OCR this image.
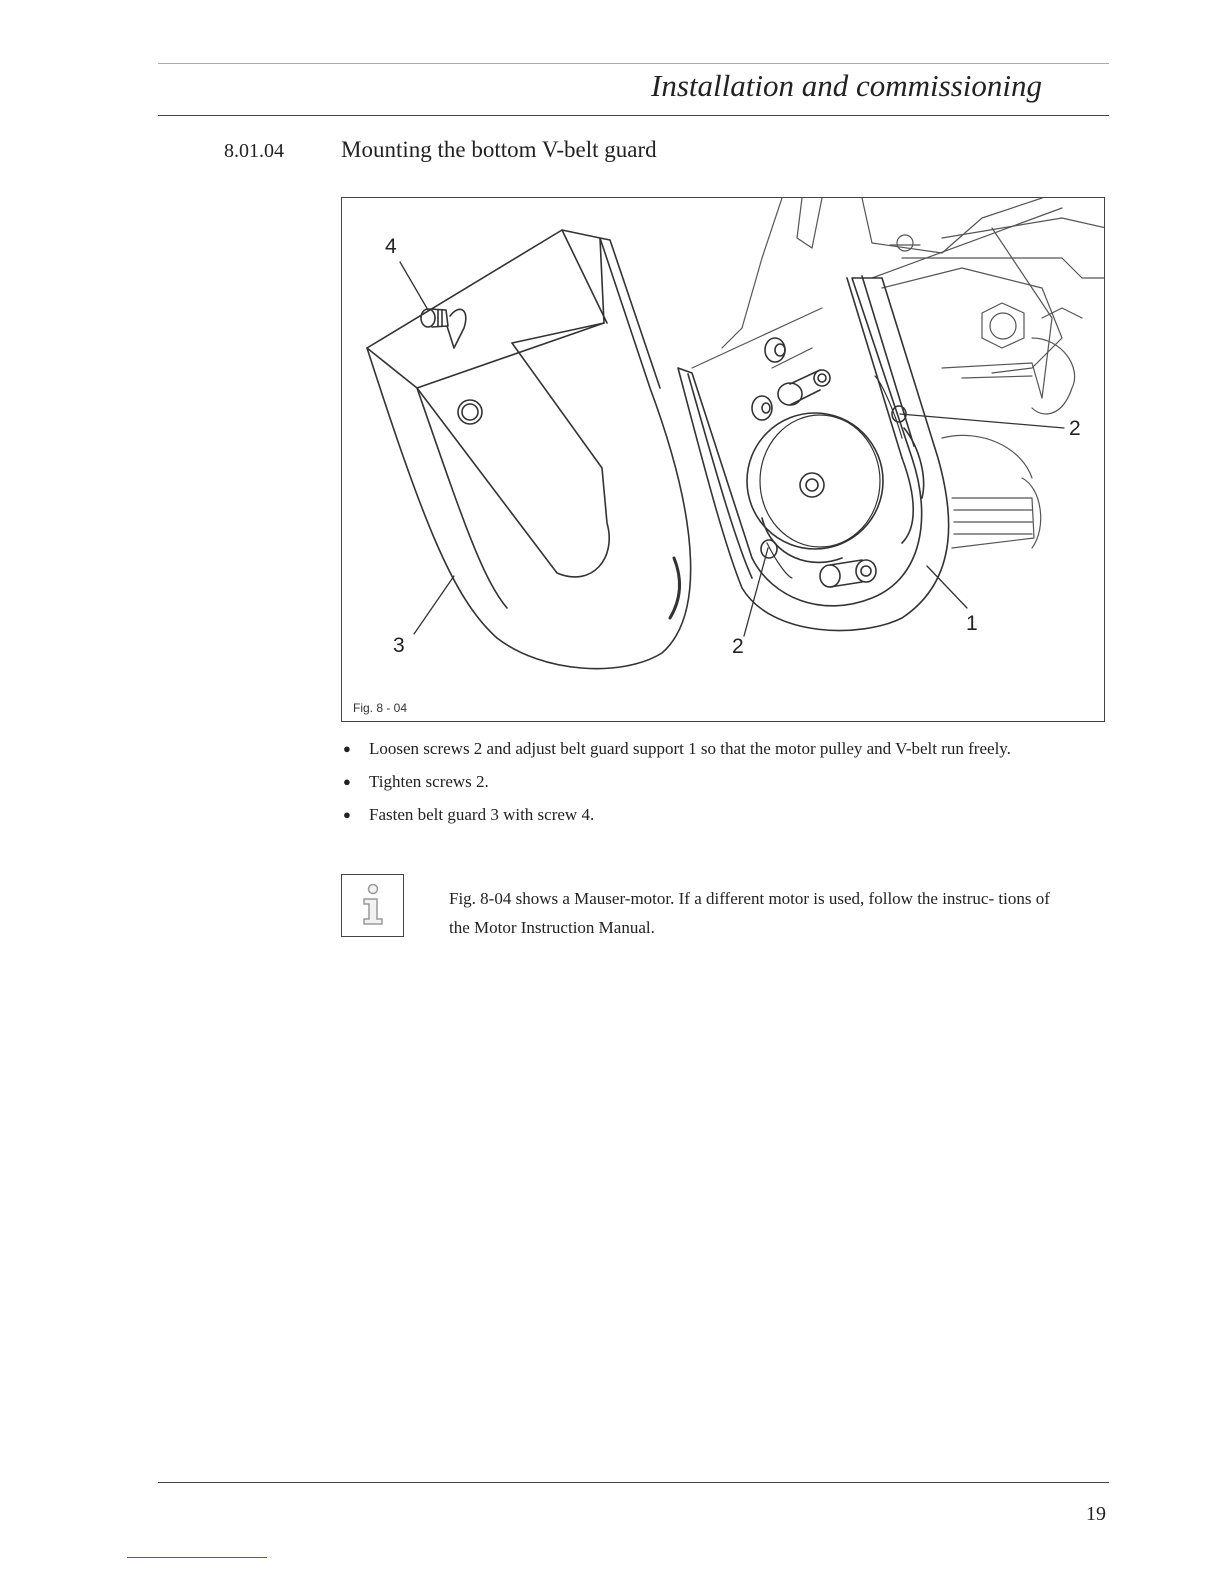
Installation and commissioning
8.01.04 Mounting the bottom V-belt guard
4
2
1
3	2
Fig. 8 - 04
● Loosen screws 2 and adjust belt guard support 1 so that the motor pulley and V-belt run freely.
● Tighten screws 2.
● Fasten belt guard 3 with screw 4.
Fig. 8-04 shows a Mauser-motor. If a different motor is used, follow the instruc- tions of the Motor Instruction Manual.
19
